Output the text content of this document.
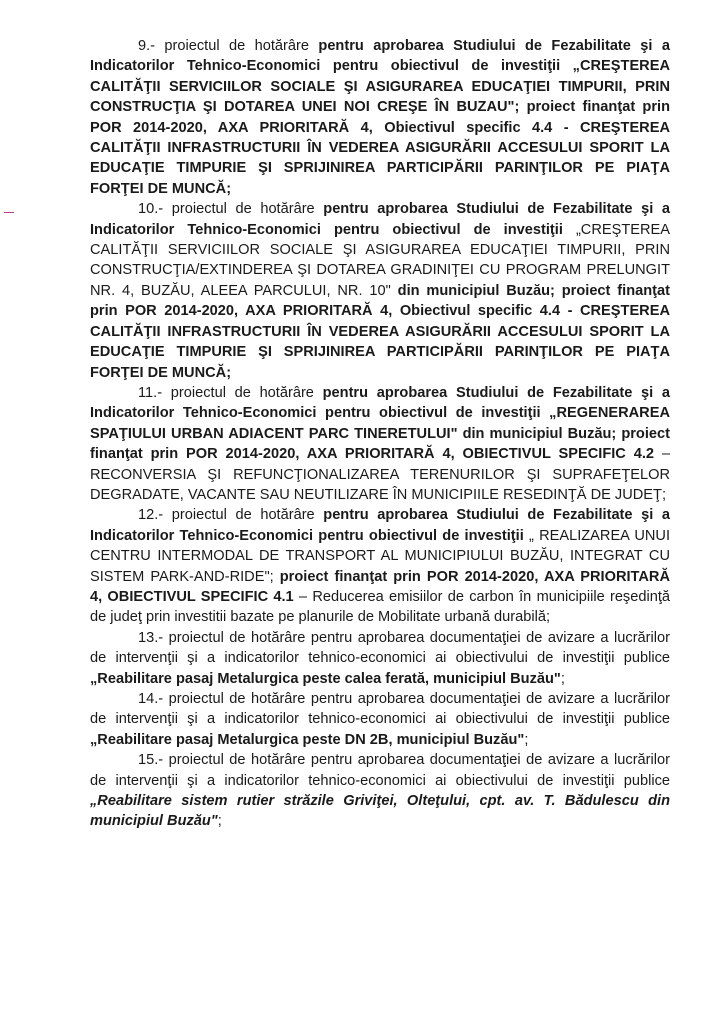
9.- proiectul de hotărâre pentru aprobarea Studiului de Fezabilitate şi a Indicatorilor Tehnico-Economici pentru obiectivul de investiţii „CREŞTEREA CALITĂŢII SERVICIILOR SOCIALE ŞI ASIGURAREA EDUCAŢIEI TIMPURII, PRIN CONSTRUCŢIA ŞI DOTAREA UNEI NOI CREŞE ÎN BUZAU"; proiect finanţat prin POR 2014-2020, AXA PRIORITARĂ 4, Obiectivul specific 4.4 - CREŞTEREA CALITĂŢII INFRASTRUCTURII ÎN VEDEREA ASIGURĂRII ACCESULUI SPORIT LA EDUCAŢIE TIMPURIE ŞI SPRIJINIREA PARTICIPĂRII PARINŢILOR PE PIAŢA FORŢEI DE MUNCĂ;

10.- proiectul de hotărâre pentru aprobarea Studiului de Fezabilitate şi a Indicatorilor Tehnico-Economici pentru obiectivul de investiţii „CREŞTEREA CALITĂŢII SERVICIILOR SOCIALE ŞI ASIGURAREA EDUCAŢIEI TIMPURII, PRIN CONSTRUCŢIA/EXTINDEREA ŞI DOTAREA GRADINIŢEI CU PROGRAM PRELUNGIT NR. 4, BUZĂU, ALEEA PARCULUI, NR. 10" din municipiul Buzău; proiect finanţat prin POR 2014-2020, AXA PRIORITARĂ 4, Obiectivul specific 4.4 - CREŞTEREA CALITĂŢII INFRASTRUCTURII ÎN VEDEREA ASIGURĂRII ACCESULUI SPORIT LA EDUCAŢIE TIMPURIE ŞI SPRIJINIREA PARTICIPĂRII PARINŢILOR PE PIAŢA FORŢEI DE MUNCĂ;

11.- proiectul de hotărâre pentru aprobarea Studiului de Fezabilitate şi a Indicatorilor Tehnico-Economici pentru obiectivul de investiţii „REGENERAREA SPAŢIULUI URBAN ADIACENT PARC TINERETULUI" din municipiul Buzău; proiect finanţat prin POR 2014-2020, AXA PRIORITARĂ 4, OBIECTIVUL SPECIFIC 4.2 – RECONVERSIA ŞI REFUNCŢIONALIZAREA TERENURILOR ŞI SUPRAFEŢELOR DEGRADATE, VACANTE SAU NEUTILIZARE ÎN MUNICIPIILE RESEDINŢĂ DE JUDEŢ;

12.- proiectul de hotărâre pentru aprobarea Studiului de Fezabilitate şi a Indicatorilor Tehnico-Economici pentru obiectivul de investiţii „ REALIZAREA UNUI CENTRU INTERMODAL DE TRANSPORT AL MUNICIPIULUI BUZĂU, INTEGRAT CU SISTEM PARK-AND-RIDE"; proiect finanţat prin POR 2014-2020, AXA PRIORITARĂ 4, OBIECTIVUL SPECIFIC 4.1 – Reducerea emisiilor de carbon în municipiile reşedinţă de judeţ prin investitii bazate pe planurile de Mobilitate urbană durabilă;

13.- proiectul de hotărâre pentru aprobarea documentaţiei de avizare a lucrărilor de intervenţii şi a indicatorilor tehnico-economici ai obiectivului de investiţii publice „Reabilitare pasaj Metalurgica peste calea ferată, municipiul Buzău";

14.- proiectul de hotărâre pentru aprobarea documentaţiei de avizare a lucrărilor de intervenţii şi a indicatorilor tehnico-economici ai obiectivului de investiţii publice „Reabilitare pasaj Metalurgica peste DN 2B, municipiul Buzău";

15.- proiectul de hotărâre pentru aprobarea documentaţiei de avizare a lucrărilor de intervenţii şi a indicatorilor tehnico-economici ai obiectivului de investiţii publice „Reabilitare sistem rutier străzile Griviţei, Olteţului, cpt. av. T. Bădulescu din municipiul Buzău";
